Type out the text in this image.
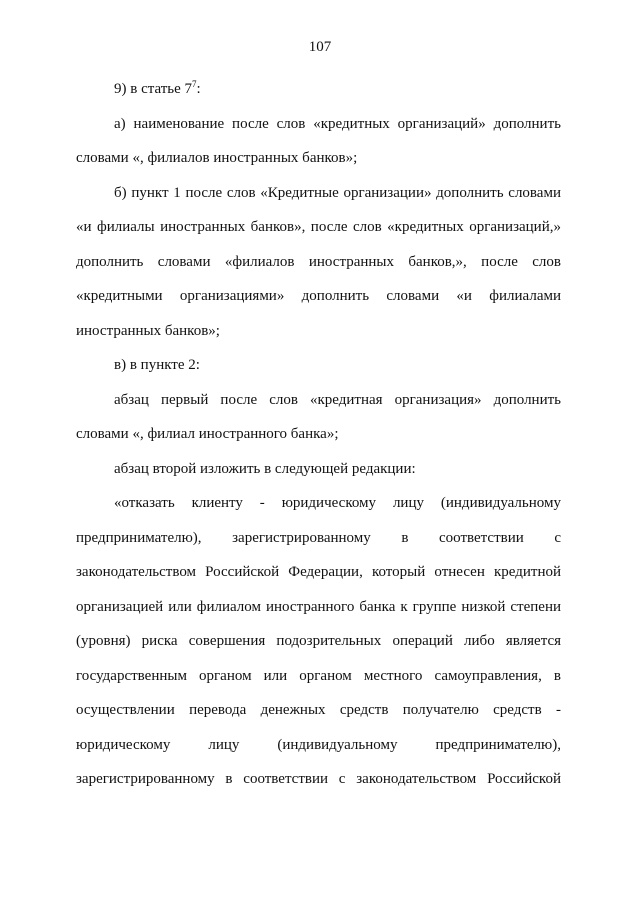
107

9) в статье $7^7$:

а) наименование после слов «кредитных организаций» дополнить словами «, филиалов иностранных банков»;

б) пункт 1 после слов «Кредитные организации» дополнить словами «и филиалы иностранных банков», после слов «кредитных организаций,» дополнить словами «филиалов иностранных банков,», после слов «кредитными организациями» дополнить словами «и филиалами иностранных банков»;

в) в пункте 2:

абзац первый после слов «кредитная организация» дополнить словами «, филиал иностранного банка»;

абзац второй изложить в следующей редакции:

«отказать клиенту - юридическому лицу (индивидуальному предпринимателю), зарегистрированному в соответствии с законодательством Российской Федерации, который отнесен кредитной организацией или филиалом иностранного банка к группе низкой степени (уровня) риска совершения подозрительных операций либо является государственным органом или органом местного самоуправления, в осуществлении перевода денежных средств получателю средств - юридическому лицу (индивидуальному предпринимателю), зарегистрированному в соответствии с законодательством Российской
